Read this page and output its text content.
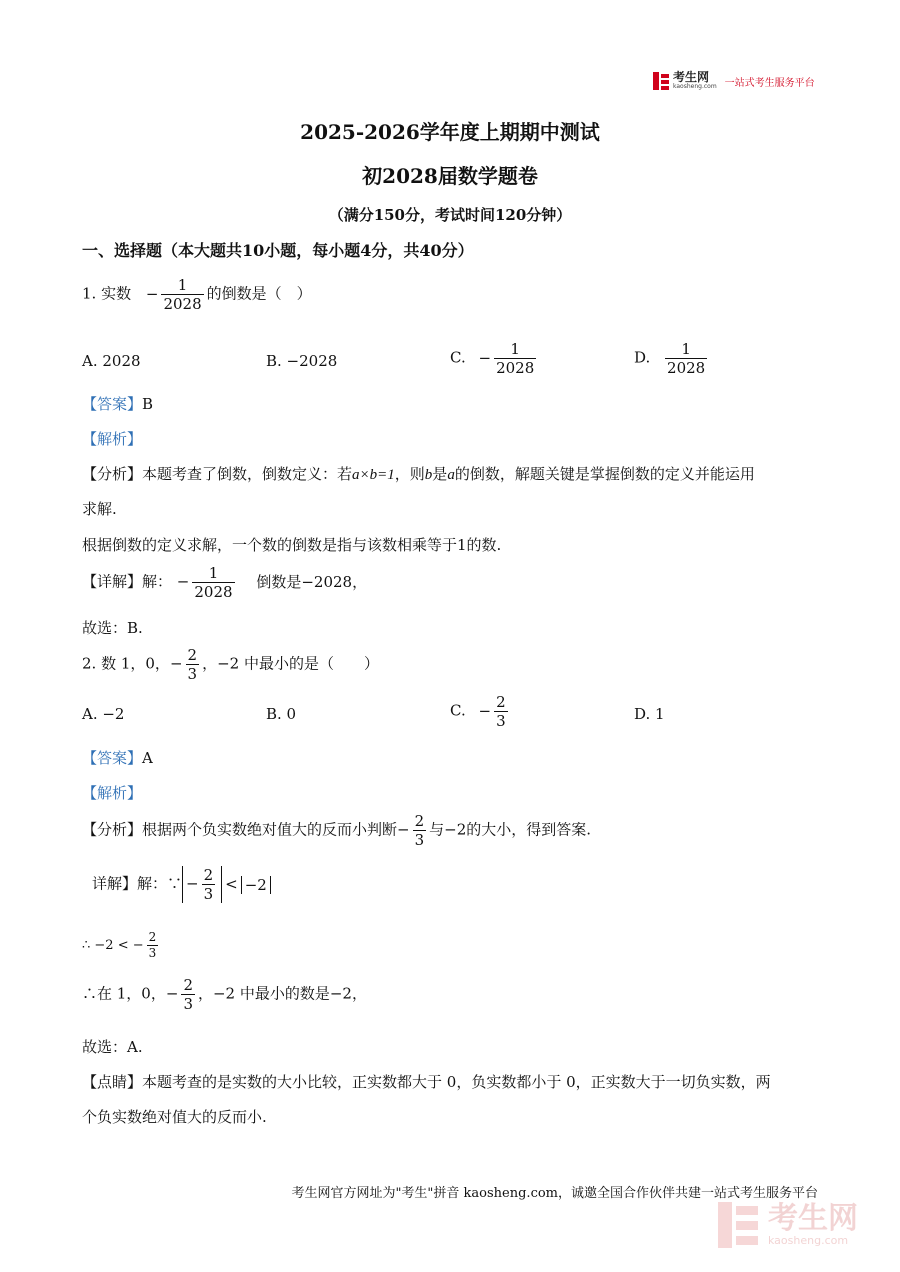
考生网
kaosheng.com 一站式考生服务平台
2025-2026学年度上期期中测试
初2028届数学题卷
（满分150分，考试时间120分钟）
一、选择题（本大题共10小题，每小题4分，共40分）
1. 实数 − $\frac{1}{2028}$ 的倒数是（　）
A. 2028	B. −2028	C. − $\frac{1}{2028}$	D. $\frac{1}{2028}$
【答案】B
【解析】
【分析】本题考查了倒数，倒数定义：若a×b=1，则b是a的倒数，解题关键是掌握倒数的定义并能运用
求解.
根据倒数的定义求解，一个数的倒数是指与该数相乘等于1的数.
【详解】解： − $\frac{1}{2028}$ 倒数是−2028，
故选：B.
2. 数 1，0，− $\frac{2}{3}$ ，−2 中最小的是（　　）
A. −2	B. 0	C. − $\frac{2}{3}$	D. 1
【答案】A
【解析】
【分析】根据两个负实数绝对值大的反而小判断− $\frac{2}{3}$ 与−2的大小，得到答案.
详解】解：∵ − $\frac{2}{3} < -2$
∴ −2 < − $\frac{2}{3}$
∴在 1，0，− $\frac{2}{3}$ ，−2 中最小的数是−2，
故选：A.
【点睛】本题考查的是实数的大小比较，正实数都大于 0，负实数都小于 0，正实数大于一切负实数，两
个负实数绝对值大的反而小.
考生网官方网址为"考生"拼音 kaosheng.com，诚邀全国合作伙伴共建一站式考生服务平台
考生网
kaosheng.com
